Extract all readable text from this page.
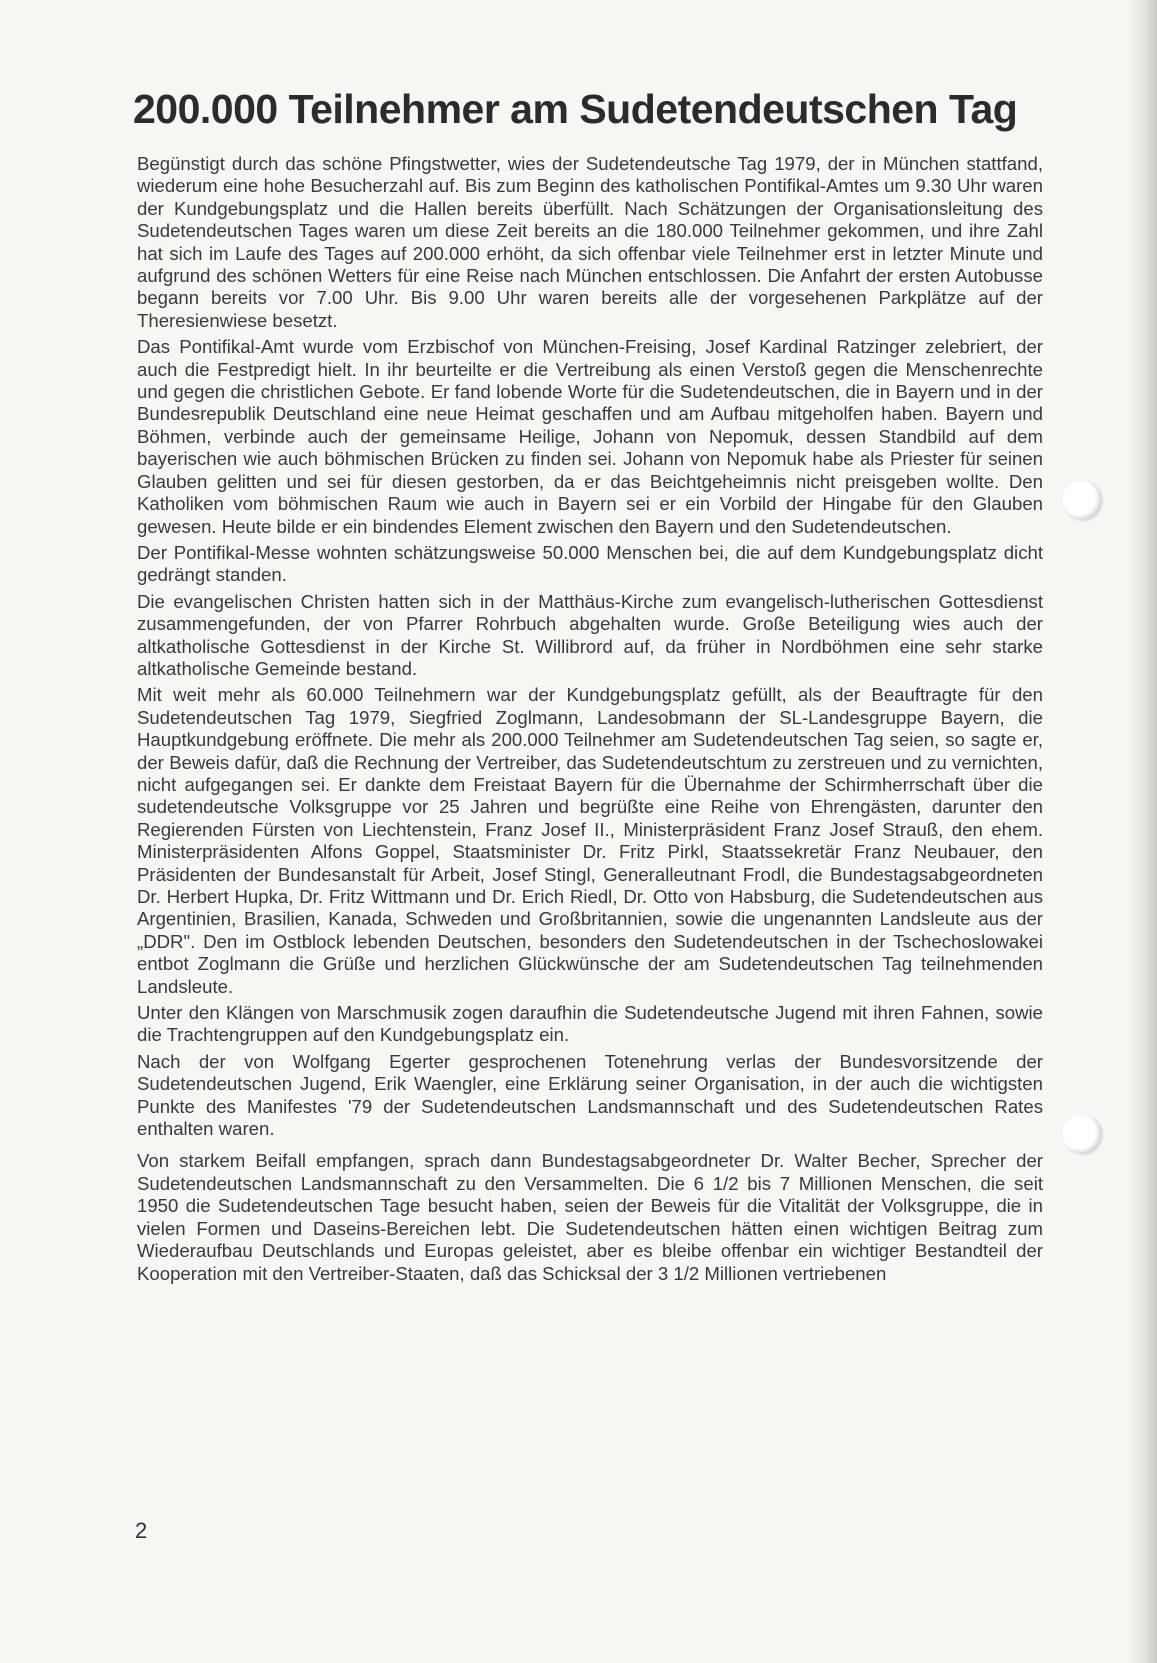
200.000 Teilnehmer am Sudetendeutschen Tag

Begünstigt durch das schöne Pfingstwetter, wies der Sudetendeutsche Tag 1979, der in München stattfand, wiederum eine hohe Besucherzahl auf. Bis zum Beginn des katholischen Pontifikal-Amtes um 9.30 Uhr waren der Kundgebungsplatz und die Hallen bereits überfüllt. Nach Schätzungen der Organisationsleitung des Sudetendeutschen Tages waren um diese Zeit bereits an die 180.000 Teilnehmer gekommen, und ihre Zahl hat sich im Laufe des Tages auf 200.000 erhöht, da sich offenbar viele Teilnehmer erst in letzter Minute und aufgrund des schönen Wetters für eine Reise nach München entschlossen. Die Anfahrt der ersten Autobusse begann bereits vor 7.00 Uhr. Bis 9.00 Uhr waren bereits alle der vorgesehenen Parkplätze auf der Theresienwiese besetzt.

Das Pontifikal-Amt wurde vom Erzbischof von München-Freising, Josef Kardinal Ratzinger zelebriert, der auch die Festpredigt hielt. In ihr beurteilte er die Vertreibung als einen Verstoß gegen die Menschenrechte und gegen die christlichen Gebote. Er fand lobende Worte für die Sudetendeutschen, die in Bayern und in der Bundesrepublik Deutschland eine neue Heimat geschaffen und am Aufbau mitgeholfen haben. Bayern und Böhmen, verbinde auch der gemeinsame Heilige, Johann von Nepomuk, dessen Standbild auf dem bayerischen wie auch böhmischen Brücken zu finden sei. Johann von Nepomuk habe als Priester für seinen Glauben gelitten und sei für diesen gestorben, da er das Beichtgeheimnis nicht preisgeben wollte. Den Katholiken vom böhmischen Raum wie auch in Bayern sei er ein Vorbild der Hingabe für den Glauben gewesen. Heute bilde er ein bindendes Element zwischen den Bayern und den Sudetendeutschen.

Der Pontifikal-Messe wohnten schätzungsweise 50.000 Menschen bei, die auf dem Kundgebungsplatz dicht gedrängt standen.

Die evangelischen Christen hatten sich in der Matthäus-Kirche zum evangelisch-lutherischen Gottesdienst zusammengefunden, der von Pfarrer Rohrbuch abgehalten wurde. Große Beteiligung wies auch der altkatholische Gottesdienst in der Kirche St. Willibrord auf, da früher in Nordböhmen eine sehr starke altkatholische Gemeinde bestand.

Mit weit mehr als 60.000 Teilnehmern war der Kundgebungsplatz gefüllt, als der Beauftragte für den Sudetendeutschen Tag 1979, Siegfried Zoglmann, Landesobmann der SL-Landesgruppe Bayern, die Hauptkundgebung eröffnete. Die mehr als 200.000 Teilnehmer am Sudetendeutschen Tag seien, so sagte er, der Beweis dafür, daß die Rechnung der Vertreiber, das Sudetendeutschtum zu zerstreuen und zu vernichten, nicht aufgegangen sei. Er dankte dem Freistaat Bayern für die Übernahme der Schirmherrschaft über die sudetendeutsche Volksgruppe vor 25 Jahren und begrüßte eine Reihe von Ehrengästen, darunter den Regierenden Fürsten von Liechtenstein, Franz Josef II., Ministerpräsident Franz Josef Strauß, den ehem. Ministerpräsidenten Alfons Goppel, Staatsminister Dr. Fritz Pirkl, Staatssekretär Franz Neubauer, den Präsidenten der Bundesanstalt für Arbeit, Josef Stingl, Generalleutnant Frodl, die Bundestagsabgeordneten Dr. Herbert Hupka, Dr. Fritz Wittmann und Dr. Erich Riedl, Dr. Otto von Habsburg, die Sudetendeutschen aus Argentinien, Brasilien, Kanada, Schweden und Großbritannien, sowie die ungenannten Landsleute aus der „DDR". Den im Ostblock lebenden Deutschen, besonders den Sudetendeutschen in der Tschechoslowakei entbot Zoglmann die Grüße und herzlichen Glückwünsche der am Sudetendeutschen Tag teilnehmenden Landsleute.

Unter den Klängen von Marschmusik zogen daraufhin die Sudetendeutsche Jugend mit ihren Fahnen, sowie die Trachtengruppen auf den Kundgebungsplatz ein.

Nach der von Wolfgang Egerter gesprochenen Totenehrung verlas der Bundesvorsitzende der Sudetendeutschen Jugend, Erik Waengler, eine Erklärung seiner Organisation, in der auch die wichtigsten Punkte des Manifestes '79 der Sudetendeutschen Landsmannschaft und des Sudetendeutschen Rates enthalten waren.

Von starkem Beifall empfangen, sprach dann Bundestagsabgeordneter Dr. Walter Becher, Sprecher der Sudetendeutschen Landsmannschaft zu den Versammelten. Die 6 1/2 bis 7 Millionen Menschen, die seit 1950 die Sudetendeutschen Tage besucht haben, seien der Beweis für die Vitalität der Volksgruppe, die in vielen Formen und Daseins-Bereichen lebt. Die Sudetendeutschen hätten einen wichtigen Beitrag zum Wiederaufbau Deutschlands und Europas geleistet, aber es bleibe offenbar ein wichtiger Bestandteil der Kooperation mit den Vertreiber-Staaten, daß das Schicksal der 3 1/2 Millionen vertriebenen

2
